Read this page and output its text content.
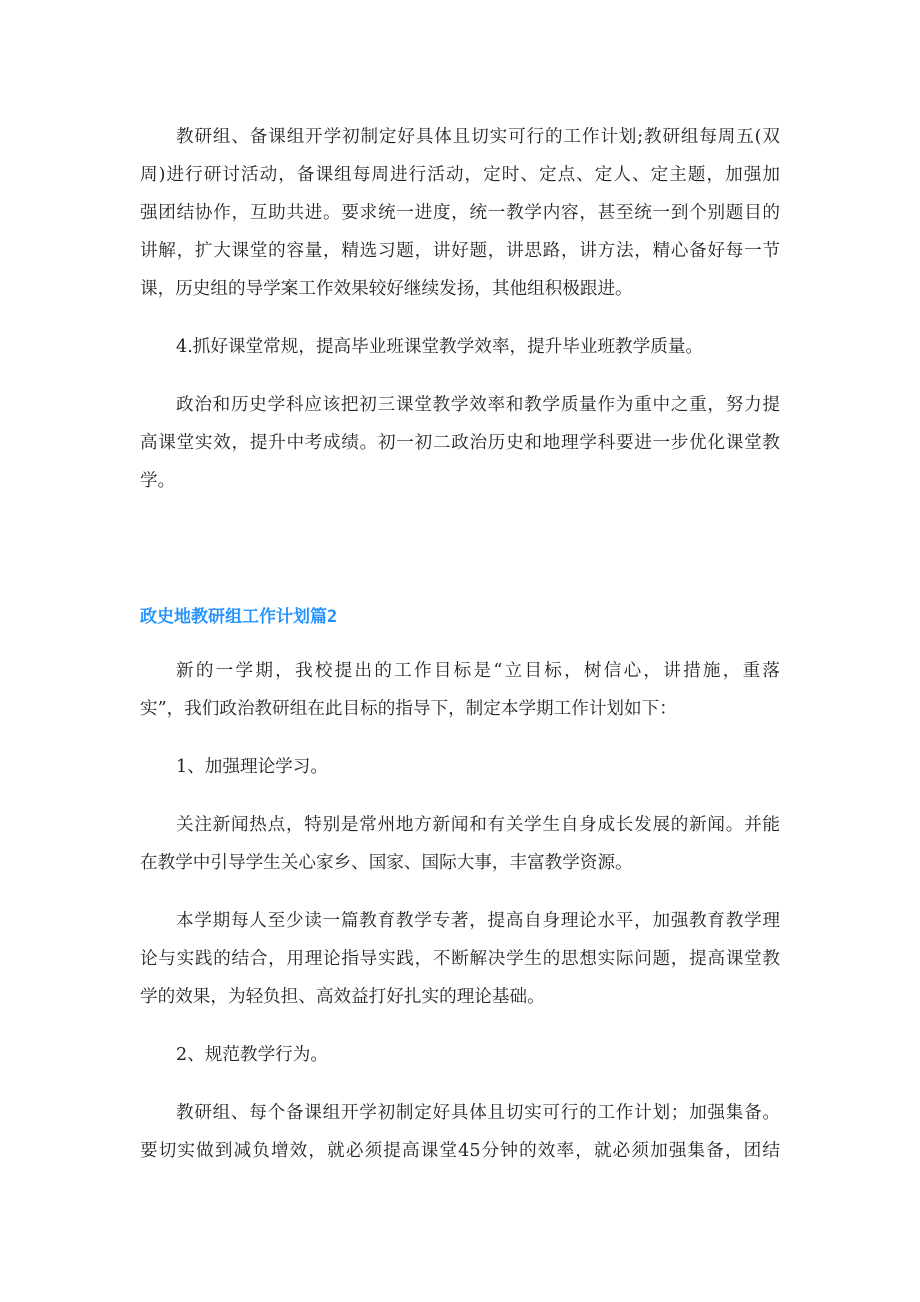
教研组、备课组开学初制定好具体且切实可行的工作计划;教研组每周五(双
周)进行研讨活动，备课组每周进行活动，定时、定点、定人、定主题，加强加
强团结协作，互助共进。要求统一进度，统一教学内容，甚至统一到个别题目的
讲解，扩大课堂的容量，精选习题，讲好题，讲思路，讲方法，精心备好每一节
课，历史组的导学案工作效果较好继续发扬，其他组积极跟进。
4.抓好课堂常规，提高毕业班课堂教学效率，提升毕业班教学质量。
政治和历史学科应该把初三课堂教学效率和教学质量作为重中之重，努力提
高课堂实效，提升中考成绩。初一初二政治历史和地理学科要进一步优化课堂教
学。
政史地教研组工作计划篇2
新的一学期，我校提出的工作目标是“立目标，树信心，讲措施，重落
实”，我们政治教研组在此目标的指导下，制定本学期工作计划如下：
1、加强理论学习。
关注新闻热点，特别是常州地方新闻和有关学生自身成长发展的新闻。并能
在教学中引导学生关心家乡、国家、国际大事，丰富教学资源。
本学期每人至少读一篇教育教学专著，提高自身理论水平，加强教育教学理
论与实践的结合，用理论指导实践，不断解决学生的思想实际问题，提高课堂教
学的效果，为轻负担、高效益打好扎实的理论基础。
2、规范教学行为。
教研组、每个备课组开学初制定好具体且切实可行的工作计划；加强集备。
要切实做到减负增效，就必须提高课堂45分钟的效率，就必须加强集备，团结
